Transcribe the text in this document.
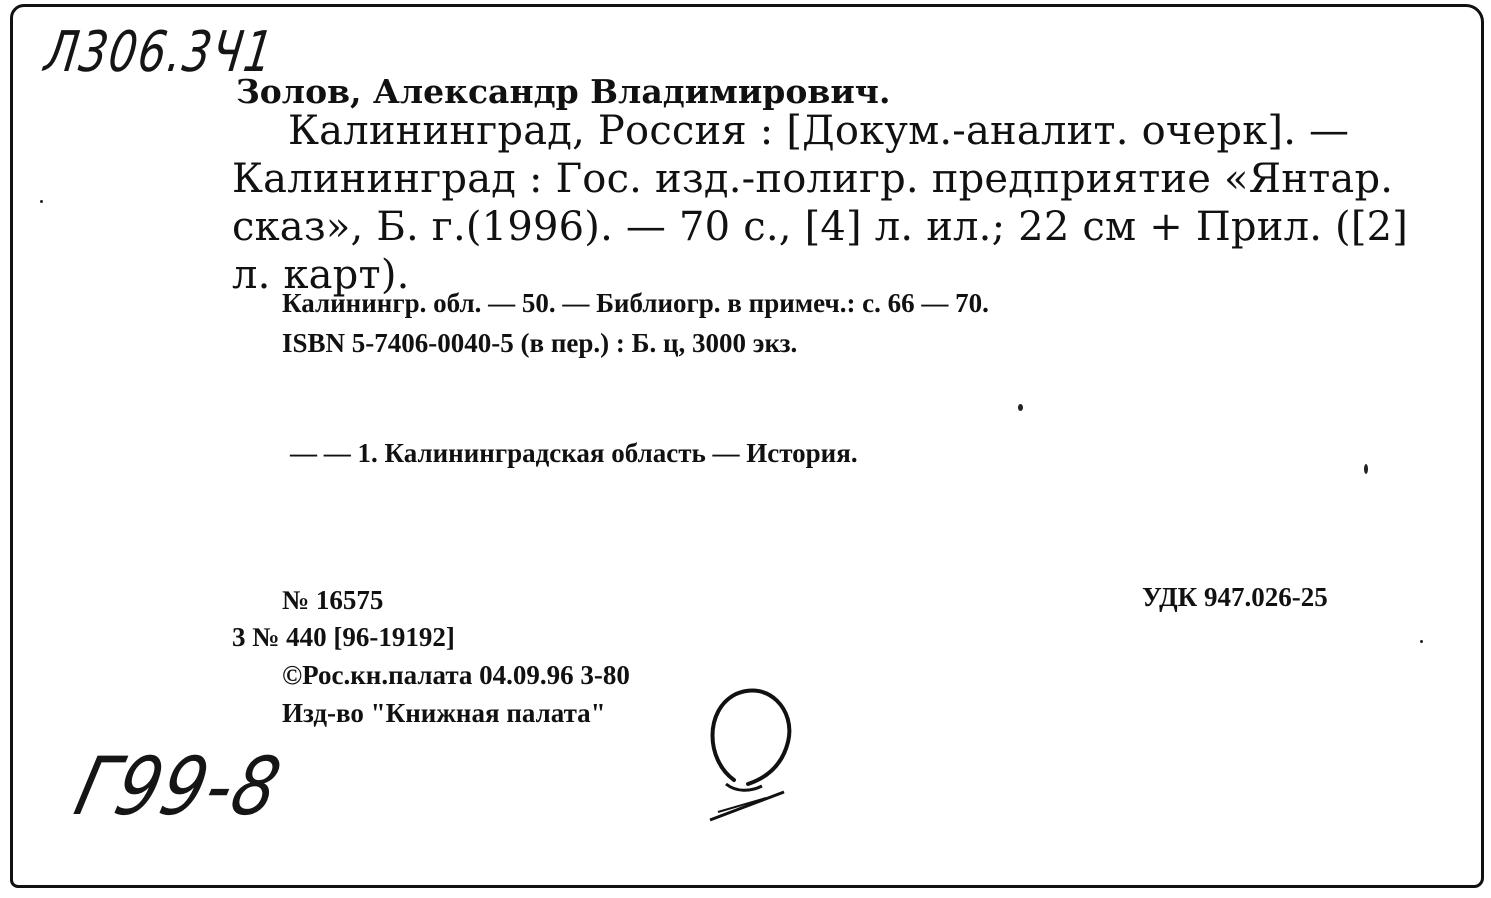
Л306.3Ч1
Золов, Александр Владимирович.
Калининград, Россия : [Докум.-аналит. очерк]. —
Калининград : Гос. изд.-полигр. предприятие «Янтар.
сказ», Б. г.(1996). — 70 с., [4] л. ил.; 22 см + Прил. ([2]
л. карт).
Калинингр. обл. — 50. — Библиогр. в примеч.: с. 66 — 70.
ISBN 5-7406-0040-5 (в пер.) : Б. ц, 3000 экз.
— — 1. Калининградская область — История.
№ 16575	УДК 947.026-25
3 № 440 [96-19192]
©Рос.кн.палата 04.09.96 3-80
Изд-во "Книжная палата"
Г99-8
